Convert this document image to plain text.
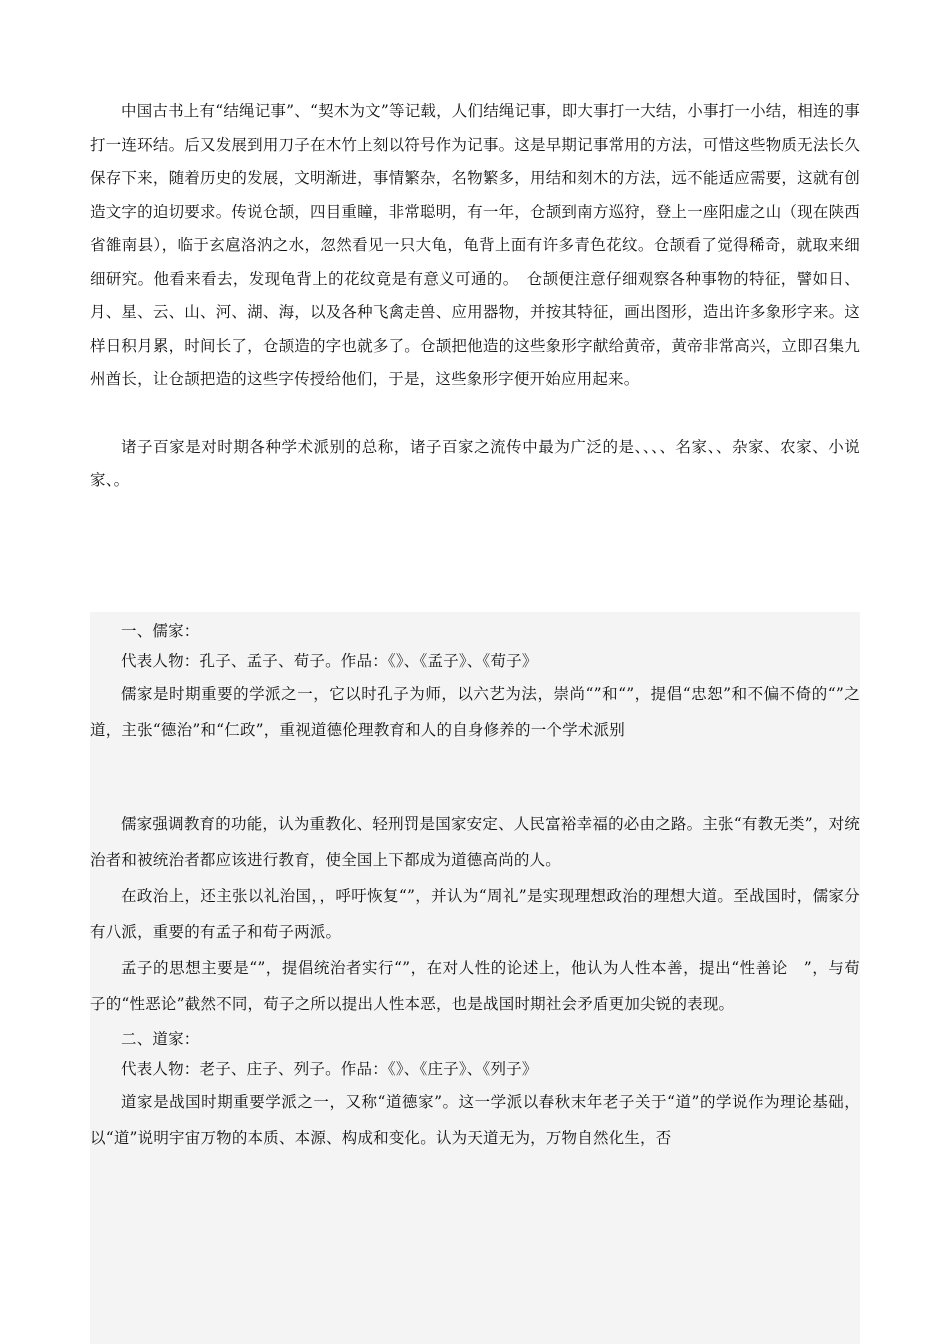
中国古书上有“结绳记事”、“契木为文”等记载，人们结绳记事，即大事打一大结，小事打一小结，相连的事打一连环结。后又发展到用刀子在木竹上刻以符号作为记事。这是早期记事常用的方法，可惜这些物质无法长久保存下来，随着历史的发展，文明渐进，事情繁杂，名物繁多，用结和刻木的方法，远不能适应需要，这就有创造文字的迫切要求。传说仓颉，四目重瞳，非常聪明，有一年，仓颉到南方巡狩，登上一座阳虚之山（现在陕西省雒南县），临于玄扈洛汭之水，忽然看见一只大龟，龟背上面有许多青色花纹。仓颉看了觉得稀奇，就取来细细研究。他看来看去，发现龟背上的花纹竟是有意义可通的。　仓颉便注意仔细观察各种事物的特征，譬如日、月、星、云、山、河、湖、海，以及各种飞禽走兽、应用器物，并按其特征，画出图形，造出许多象形字来。这样日积月累，时间长了，仓颉造的字也就多了。仓颉把他造的这些象形字献给黄帝，黄帝非常高兴，立即召集九州酋长，让仓颉把造的这些字传授给他们，于是，这些象形字便开始应用起来。

诸子百家是对时期各种学术派别的总称，诸子百家之流传中最为广泛的是、、、、名家、、杂家、农家、小说家、。

一、儒家：

代表人物：孔子、孟子、荀子。作品：《》、《孟子》、《荀子》

儒家是时期重要的学派之一，它以时孔子为师，以六艺为法，崇尚“”和“”，提倡“忠恕”和不偏不倚的“”之道，主张“德治”和“仁政”，重视道德伦理教育和人的自身修养的一个学术派别

儒家强调教育的功能，认为重教化、轻刑罚是国家安定、人民富裕幸福的必由之路。主张“有教无类”，对统治者和被统治者都应该进行教育，使全国上下都成为道德高尚的人。

在政治上，还主张以礼治国，，呼吁恢复“”，并认为“周礼”是实现理想政治的理想大道。至战国时，儒家分有八派，重要的有孟子和荀子两派。

孟子的思想主要是“”，提倡统治者实行“”，在对人性的论述上，他认为人性本善，提出“性善论　”，与荀子的“性恶论”截然不同，荀子之所以提出人性本恶，也是战国时期社会矛盾更加尖锐的表现。

二、道家：

代表人物：老子、庄子、列子。作品：《》、《庄子》、《列子》

道家是战国时期重要学派之一，又称“道德家”。这一学派以春秋末年老子关于“道”的学说作为理论基础，以“道”说明宇宙万物的本质、本源、构成和变化。认为天道无为，万物自然化生，否
